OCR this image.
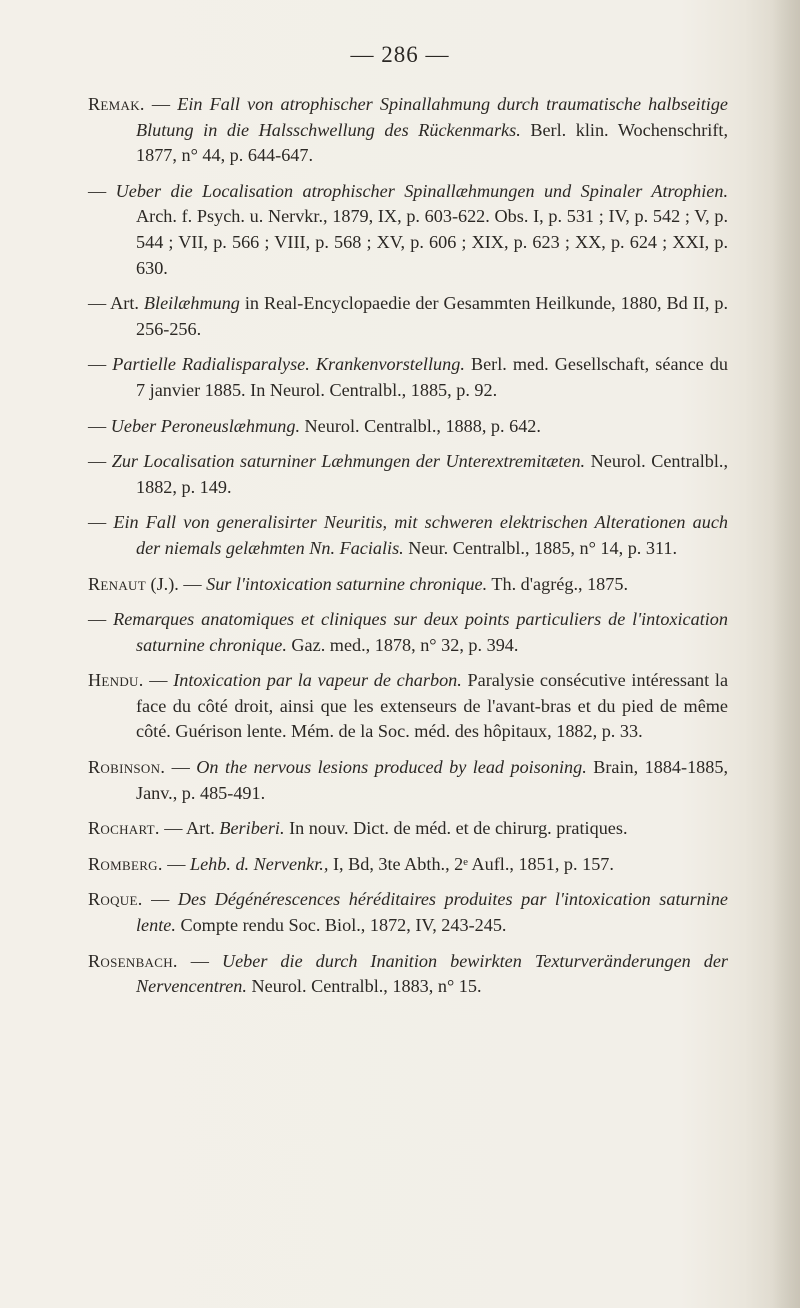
— 286 —

Remak. — Ein Fall von atrophischer Spinallahmung durch traumatische halbseitige Blutung in die Halsschwellung des Rückenmarks. Berl. klin. Wochenschrift, 1877, n° 44, p. 644-647.

— Ueber die Localisation atrophischer Spinallæhmungen und Spinaler Atrophien. Arch. f. Psych. u. Nervkr., 1879, IX, p. 603-622. Obs. I, p. 531 ; IV, p. 542 ; V, p. 544 ; VII, p. 566 ; VIII, p. 568 ; XV, p. 606 ; XIX, p. 623 ; XX, p. 624 ; XXI, p. 630.

— Art. Bleilæhmung in Real-Encyclopaedie der Gesammten Heilkunde, 1880, Bd II, p. 256-256.

— Partielle Radialisparalyse. Krankenvorstellung. Berl. med. Gesellschaft, séance du 7 janvier 1885. In Neurol. Centralbl., 1885, p. 92.

— Ueber Peroneuslæhmung. Neurol. Centralbl., 1888, p. 642.

— Zur Localisation saturniner Læhmungen der Unterextremitæten. Neurol. Centralbl., 1882, p. 149.

— Ein Fall von generalisirter Neuritis, mit schweren elektrischen Alterationen auch der niemals gelæhmten Nn. Facialis. Neur. Centralbl., 1885, n° 14, p. 311.

Renaut (J.). — Sur l'intoxication saturnine chronique. Th. d'agrég., 1875.

— Remarques anatomiques et cliniques sur deux points particuliers de l'intoxication saturnine chronique. Gaz. med., 1878, n° 32, p. 394.

Hendu. — Intoxication par la vapeur de charbon. Paralysie consécutive intéressant la face du côté droit, ainsi que les extenseurs de l'avant-bras et du pied de même côté. Guérison lente. Mém. de la Soc. méd. des hôpitaux, 1882, p. 33.

Robinson. — On the nervous lesions produced by lead poisoning. Brain, 1884-1885, Janv., p. 485-491.

Rochart. — Art. Beriberi. In nouv. Dict. de méd. et de chirurg. pratiques.

Romberg. — Lehb. d. Nervenkr., I, Bd, 3te Abth., 2ᵉ Aufl., 1851, p. 157.

Roque. — Des Dégénérescences héréditaires produites par l'intoxication saturnine lente. Compte rendu Soc. Biol., 1872, IV, 243-245.

Rosenbach. — Ueber die durch Inanition bewirkten Texturveränderungen der Nervencentren. Neurol. Centralbl., 1883, n° 15.
